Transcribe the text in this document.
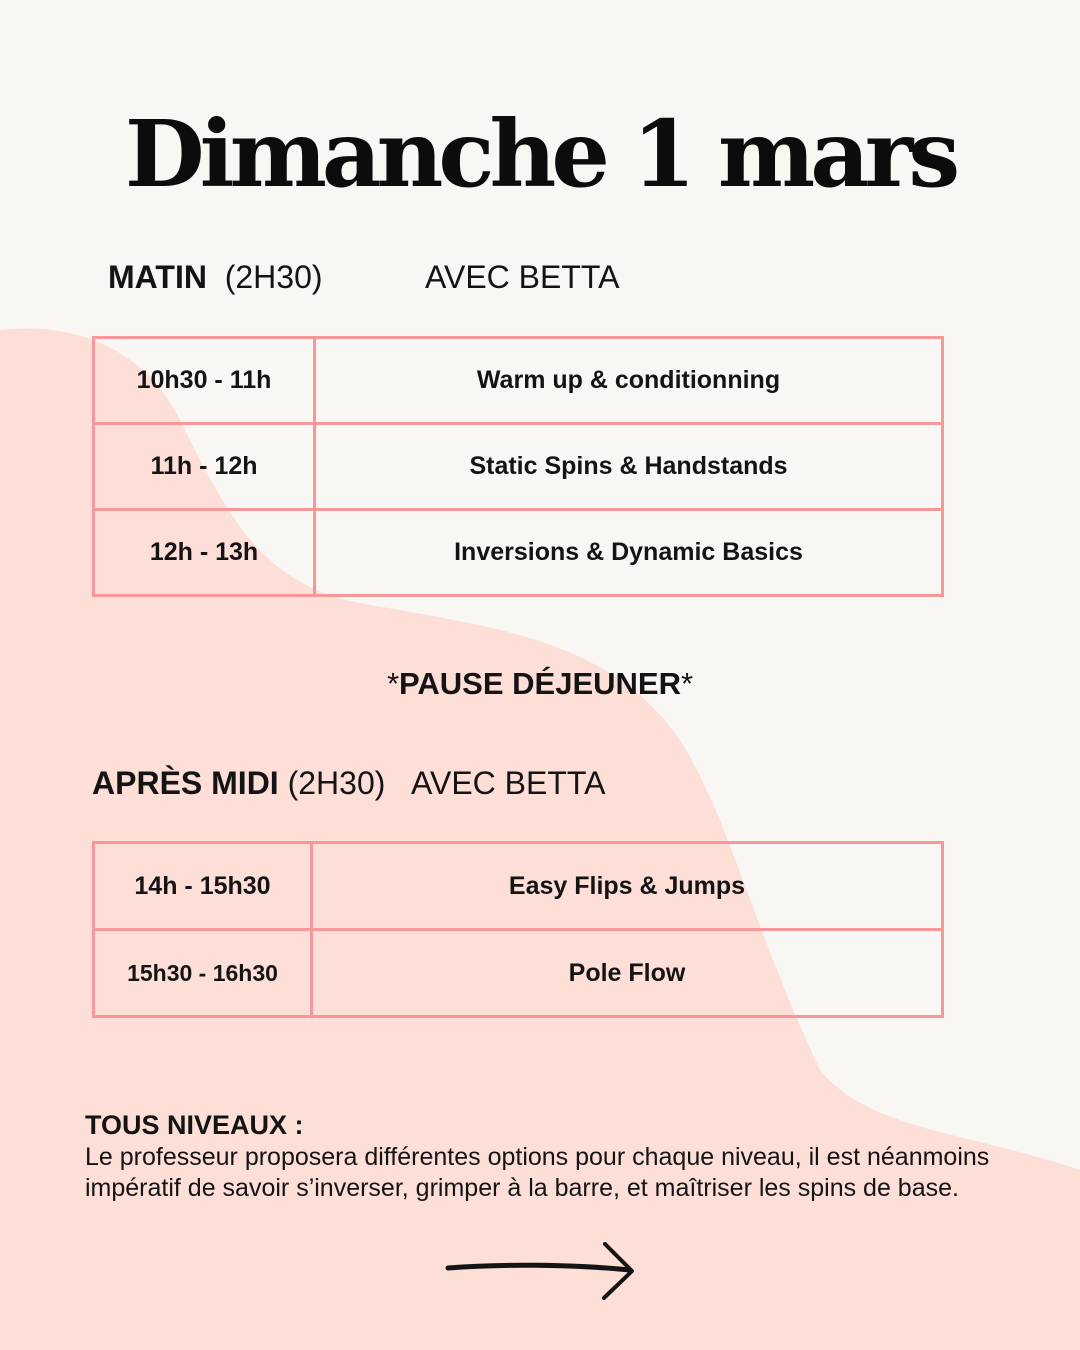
Dimanche 1 mars
MATIN (2H30)	AVEC BETTA
10h30 - 11h	Warm up & conditionning
11h - 12h	Static Spins & Handstands
12h - 13h	Inversions & Dynamic Basics
*PAUSE DÉJEUNER*
APRÈS MIDI (2H30) AVEC BETTA
14h - 15h30	Easy Flips & Jumps
15h30 - 16h30	Pole Flow
TOUS NIVEAUX :
Le professeur proposera différentes options pour chaque niveau, il est néanmoins impératif de savoir s’inverser, grimper à la barre, et maîtriser les spins de base.
